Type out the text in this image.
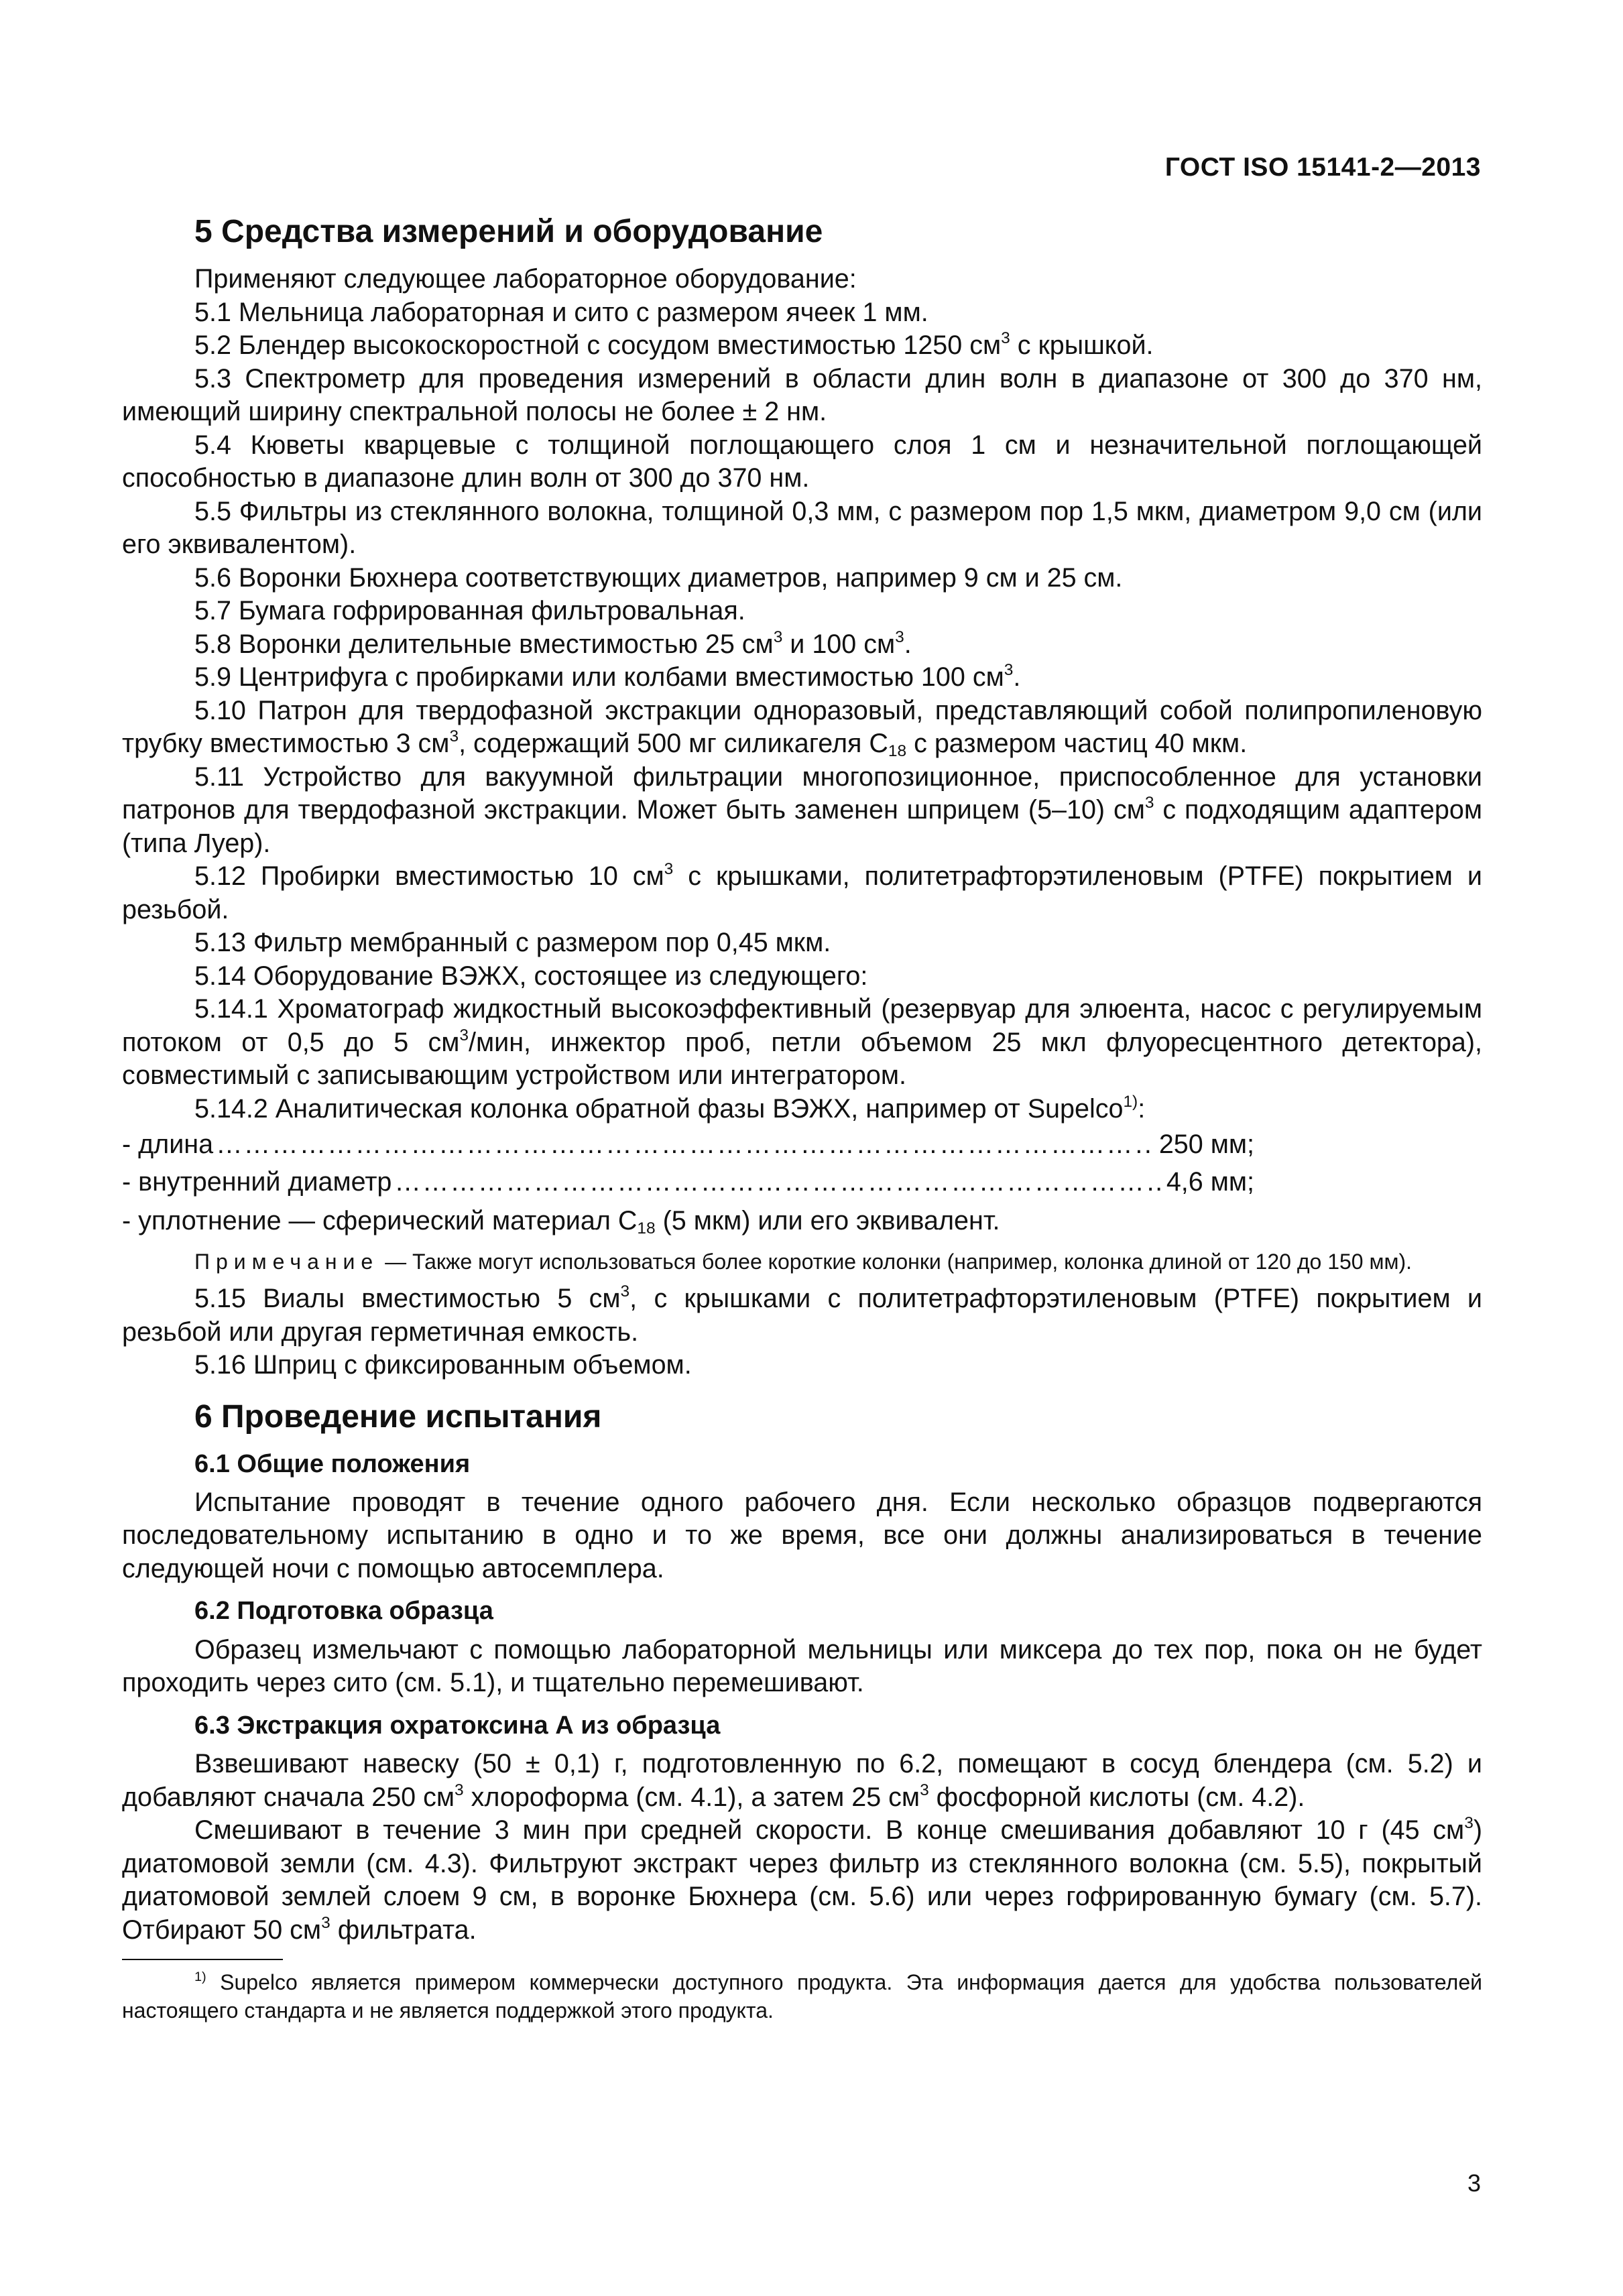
ГОСТ ISO 15141-2—2013
5 Средства измерений и оборудование

Применяют следующее лабораторное оборудование:

5.1 Мельница лабораторная и сито с размером ячеек 1 мм.

5.2 Блендер высокоскоростной с сосудом вместимостью 1250 $см^3$ с крышкой.

5.3 Спектрометр для проведения измерений в области длин волн в диапазоне от 300 до 370 нм, имеющий ширину спектральной полосы не более ± 2 нм.

5.4 Кюветы кварцевые с толщиной поглощающего слоя 1 см и незначительной поглощающей способностью в диапазоне длин волн от 300 до 370 нм.

5.5 Фильтры из стеклянного волокна, толщиной 0,3 мм, с размером пор 1,5 мкм, диаметром 9,0 см (или его эквивалентом).

5.6 Воронки Бюхнера соответствующих диаметров, например 9 см и 25 см.

5.7 Бумага гофрированная фильтровальная.

5.8 Воронки делительные вместимостью 25 $см^3$ и 100 $см^3$.

5.9 Центрифуга с пробирками или колбами вместимостью 100 $см^3$.

5.10 Патрон для твердофазной экстракции одноразовый, представляющий собой полипропиленовую трубку вместимостью 3 $см^3$, содержащий 500 мг силикагеля $С_{18}$ с размером частиц 40 мкм.

5.11 Устройство для вакуумной фильтрации многопозиционное, приспособленное для установки патронов для твердофазной экстракции. Может быть заменен шприцем (5–10) $см^3$ с подходящим адаптером (типа Луер).

5.12 Пробирки вместимостью 10 $см^3$ с крышками, политетрафторэтиленовым (PTFE) покрытием и резьбой.

5.13 Фильтр мембранный с размером пор 0,45 мкм.

5.14 Оборудование ВЭЖХ, состоящее из следующего:

5.14.1 Хроматограф жидкостный высокоэффективный (резервуар для элюента, насос с регулируемым потоком от 0,5 до 5 $см^3$/мин, инжектор проб, петли объемом 25 мкл флуоресцентного детектора), совместимый с записывающим устройством или интегратором.

5.14.2 Аналитическая колонка обратной фазы ВЭЖХ, например от Supelco$^{1)}$:

- длина …………………………………………………………………………………………………………………………………………………………………………………………	. 250 мм;
- внутренний диаметр …………………………………………………………………………………………………………………………………………………………………………………………	4,6 мм;
- уплотнение — сферический материал $С_{18}$ (5 мкм) или его эквивалент.

Примечание — Также могут использоваться более короткие колонки (например, колонка длиной от 120 до 150 мм).

5.15 Виалы вместимостью 5 $см^3$, с крышками с политетрафторэтиленовым (PTFE) покрытием и резьбой или другая герметичная емкость.

5.16 Шприц с фиксированным объемом.

6 Проведение испытания
6.1 Общие положения

Испытание проводят в течение одного рабочего дня. Если несколько образцов подвергаются последовательному испытанию в одно и то же время, все они должны анализироваться в течение следующей ночи с помощью автосемплера.

6.2 Подготовка образца

Образец измельчают с помощью лабораторной мельницы или миксера до тех пор, пока он не будет проходить через сито (см. 5.1), и тщательно перемешивают.

6.3 Экстракция охратоксина А из образца

Взвешивают навеску (50 ± 0,1) г, подготовленную по 6.2, помещают в сосуд блендера (см. 5.2) и добавляют сначала 250 $см^3$ хлороформа (см. 4.1), а затем 25 $см^3$ фосфорной кислоты (см. 4.2).

Смешивают в течение 3 мин при средней скорости. В конце смешивания добавляют 10 г (45 $см^3$) диатомовой земли (см. 4.3). Фильтруют экстракт через фильтр из стеклянного волокна (см. 5.5), покрытый диатомовой землей слоем 9 см, в воронке Бюхнера (см. 5.6) или через гофрированную бумагу (см. 5.7). Отбирают 50 $см^3$ фильтрата.

$^{1)}$ Supelco является примером коммерчески доступного продукта. Эта информация дается для удобства пользователей настоящего стандарта и не является поддержкой этого продукта.

3
